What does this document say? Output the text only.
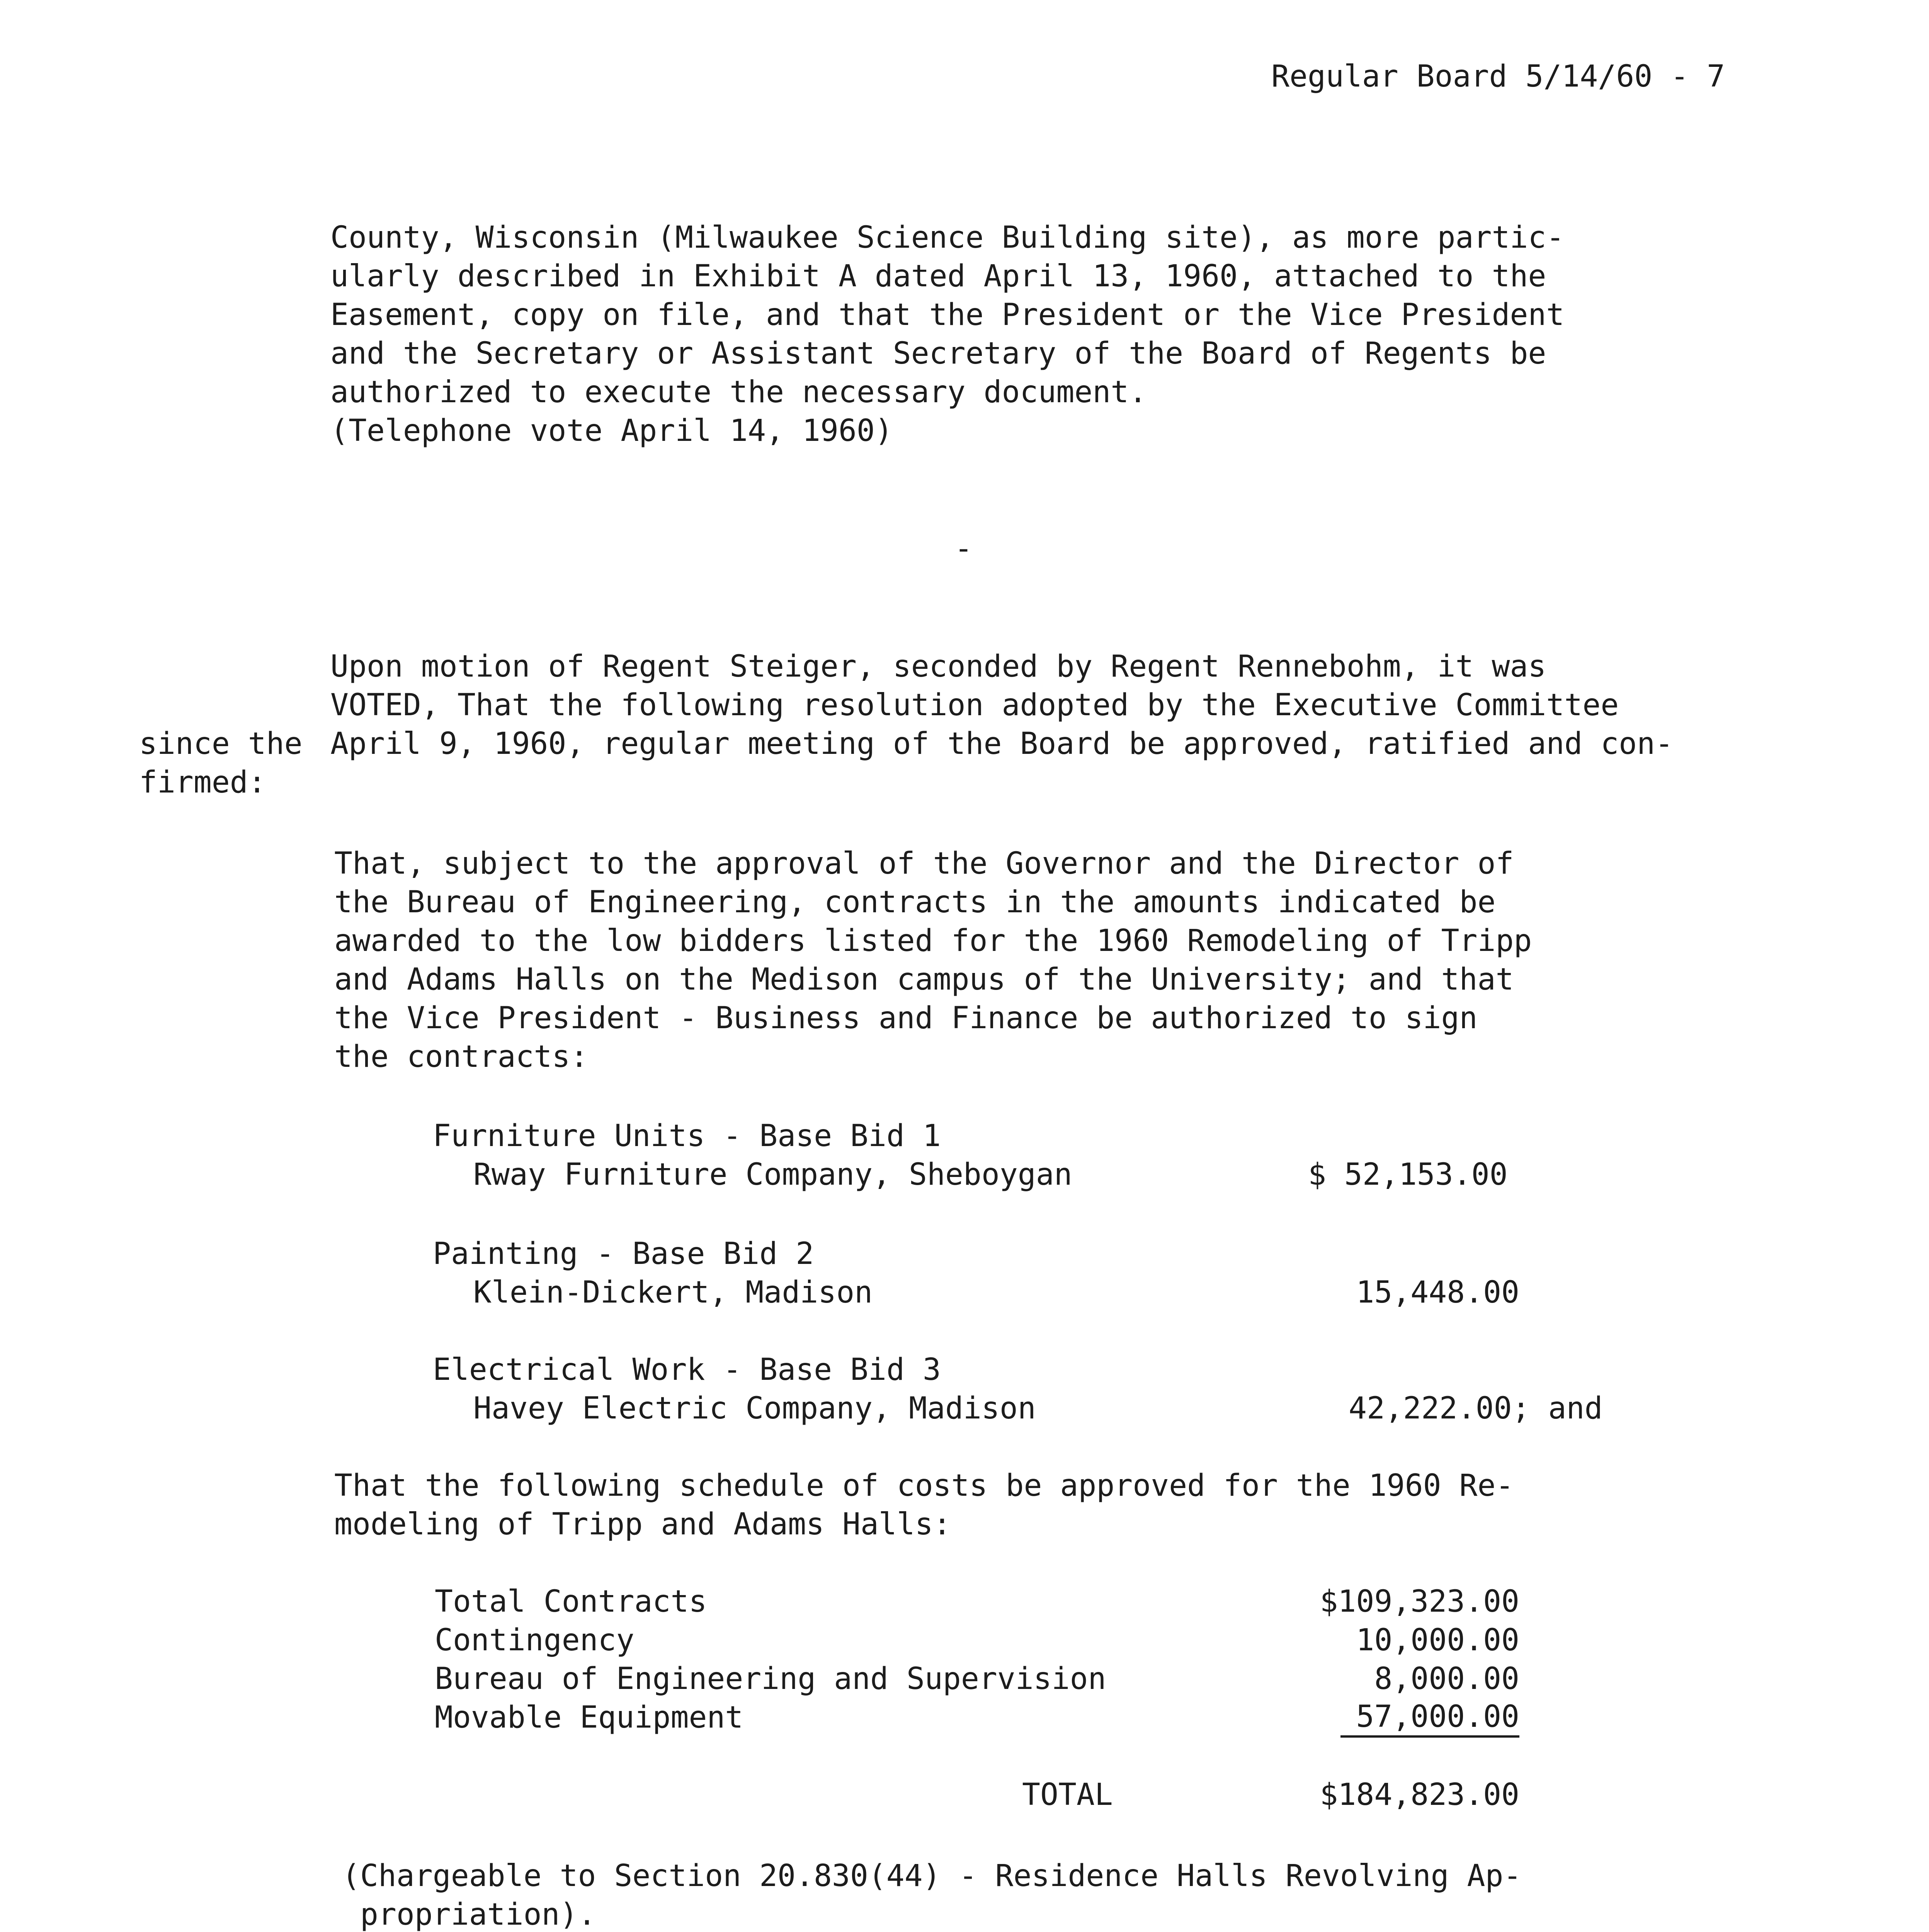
Regular Board 5/14/60 - 7
County, Wisconsin (Milwaukee Science Building site), as more partic-
ularly described in Exhibit A dated April 13, 1960, attached to the
Easement, copy on file, and that the President or the Vice President
and the Secretary or Assistant Secretary of the Board of Regents be
authorized to execute the necessary document.
(Telephone vote April 14, 1960)
-
Upon motion of Regent Steiger, seconded by Regent Rennebohm, it was
VOTED, That the following resolution adopted by the Executive Committee
April 9, 1960, regular meeting of the Board be approved, ratified and con-
since the
firmed:
That, subject to the approval of the Governor and the Director of
the Bureau of Engineering, contracts in the amounts indicated be
awarded to the low bidders listed for the 1960 Remodeling of Tripp
and Adams Halls on the Medison campus of the University; and that
the Vice President - Business and Finance be authorized to sign
the contracts:
Furniture Units - Base Bid 1
Rway Furniture Company, Sheboygan	$ 52,153.00
Painting - Base Bid 2
Klein-Dickert, Madison	15,448.00
Electrical Work - Base Bid 3
Havey Electric Company, Madison	42,222.00; and
That the following schedule of costs be approved for the 1960 Re-
modeling of Tripp and Adams Halls:
Total Contracts	$109,323.00
Contingency	10,000.00
Bureau of Engineering and Supervision	8,000.00
Movable Equipment	57,000.00
TOTAL	$184,823.00
(Chargeable to Section 20.830(44) - Residence Halls Revolving Ap-
propriation).
